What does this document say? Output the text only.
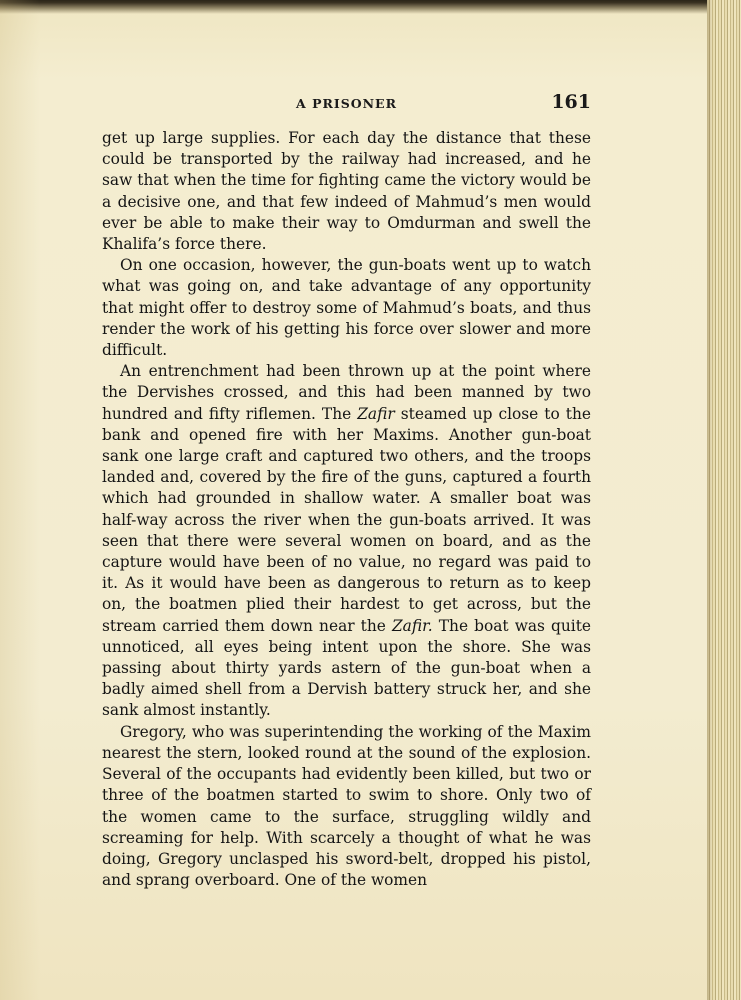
A PRISONER	161

get up large supplies. For each day the distance that these could be transported by the railway had increased, and he saw that when the time for fighting came the victory would be a decisive one, and that few indeed of Mahmud’s men would ever be able to make their way to Omdurman and swell the Khalifa’s force there.

On one occasion, however, the gun-boats went up to watch what was going on, and take advantage of any opportunity that might offer to destroy some of Mahmud’s boats, and thus render the work of his getting his force over slower and more difficult.

An entrenchment had been thrown up at the point where the Dervishes crossed, and this had been manned by two hundred and fifty riflemen. The Zafir steamed up close to the bank and opened fire with her Maxims. Another gun-boat sank one large craft and captured two others, and the troops landed and, covered by the fire of the guns, captured a fourth which had grounded in shallow water. A smaller boat was half-way across the river when the gun-boats arrived. It was seen that there were several women on board, and as the capture would have been of no value, no regard was paid to it. As it would have been as dangerous to return as to keep on, the boatmen plied their hardest to get across, but the stream carried them down near the Zafir. The boat was quite unnoticed, all eyes being intent upon the shore. She was passing about thirty yards astern of the gun-boat when a badly aimed shell from a Dervish battery struck her, and she sank almost instantly.

Gregory, who was superintending the working of the Maxim nearest the stern, looked round at the sound of the explosion. Several of the occupants had evidently been killed, but two or three of the boatmen started to swim to shore. Only two of the women came to the surface, struggling wildly and screaming for help. With scarcely a thought of what he was doing, Gregory unclasped his sword-belt, dropped his pistol, and sprang overboard. One of the women
